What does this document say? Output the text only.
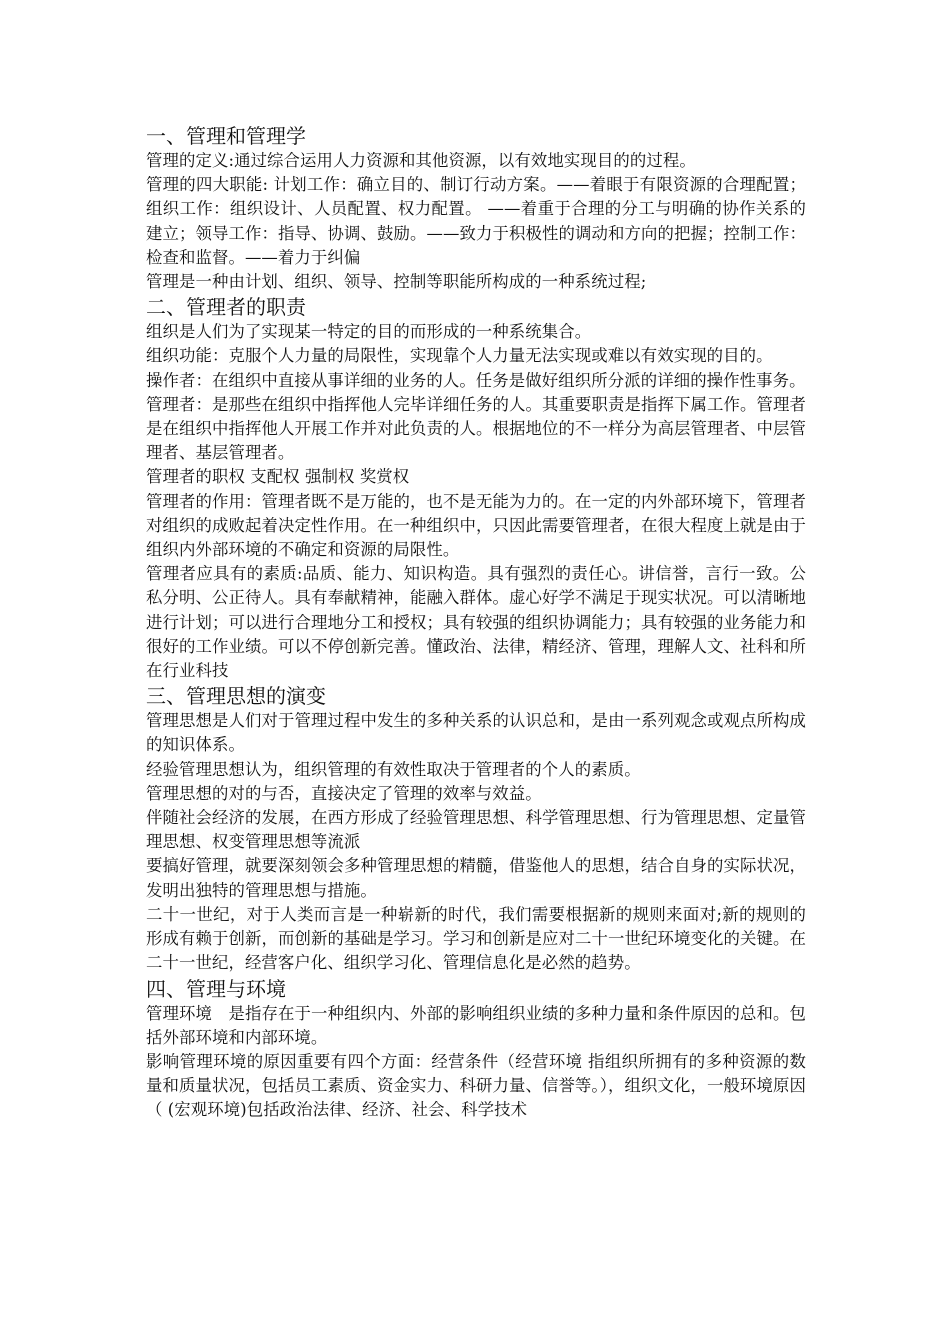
一、管理和管理学

管理的定义:通过综合运用人力资源和其他资源，以有效地实现目的的过程。

管理的四大职能: 计划工作：确立目的、制订行动方案。——着眼于有限资源的合理配置；组织工作：组织设计、人员配置、权力配置。 ——着重于合理的分工与明确的协作关系的建立；领导工作：指导、协调、鼓励。——致力于积极性的调动和方向的把握；控制工作：检查和监督。——着力于纠偏

管理是一种由计划、组织、领导、控制等职能所构成的一种系统过程;

二、管理者的职责

组织是人们为了实现某一特定的目的而形成的一种系统集合。

组织功能：克服个人力量的局限性，实现靠个人力量无法实现或难以有效实现的目的。

操作者：在组织中直接从事详细的业务的人。任务是做好组织所分派的详细的操作性事务。

管理者：是那些在组织中指挥他人完毕详细任务的人。其重要职责是指挥下属工作。管理者是在组织中指挥他人开展工作并对此负责的人。根据地位的不一样分为高层管理者、中层管理者、基层管理者。

管理者的职权 支配权 强制权 奖赏权

管理者的作用：管理者既不是万能的，也不是无能为力的。在一定的内外部环境下，管理者对组织的成败起着决定性作用。在一种组织中，只因此需要管理者，在很大程度上就是由于组织内外部环境的不确定和资源的局限性。

管理者应具有的素质:品质、能力、知识构造。具有强烈的责任心。讲信誉，言行一致。公私分明、公正待人。具有奉献精神，能融入群体。虚心好学不满足于现实状况。可以清晰地进行计划；可以进行合理地分工和授权；具有较强的组织协调能力；具有较强的业务能力和很好的工作业绩。可以不停创新完善。懂政治、法律，精经济、管理，理解人文、社科和所在行业科技

三、管理思想的演变

管理思想是人们对于管理过程中发生的多种关系的认识总和，是由一系列观念或观点所构成的知识体系。

经验管理思想认为，组织管理的有效性取决于管理者的个人的素质。

管理思想的对的与否，直接决定了管理的效率与效益。

伴随社会经济的发展，在西方形成了经验管理思想、科学管理思想、行为管理思想、定量管理思想、权变管理思想等流派

要搞好管理，就要深刻领会多种管理思想的精髓，借鉴他人的思想，结合自身的实际状况，发明出独特的管理思想与措施。

二十一世纪，对于人类而言是一种崭新的时代，我们需要根据新的规则来面对;新的规则的形成有赖于创新，而创新的基础是学习。学习和创新是应对二十一世纪环境变化的关键。在二十一世纪，经营客户化、组织学习化、管理信息化是必然的趋势。

四、管理与环境

管理环境　是指存在于一种组织内、外部的影响组织业绩的多种力量和条件原因的总和。包括外部环境和内部环境。

影响管理环境的原因重要有四个方面：经营条件（经营环境 指组织所拥有的多种资源的数量和质量状况，包括员工素质、资金实力、科研力量、信誉等。），组织文化，一般环境原因（ (宏观环境)包括政治法律、经济、社会、科学技术
